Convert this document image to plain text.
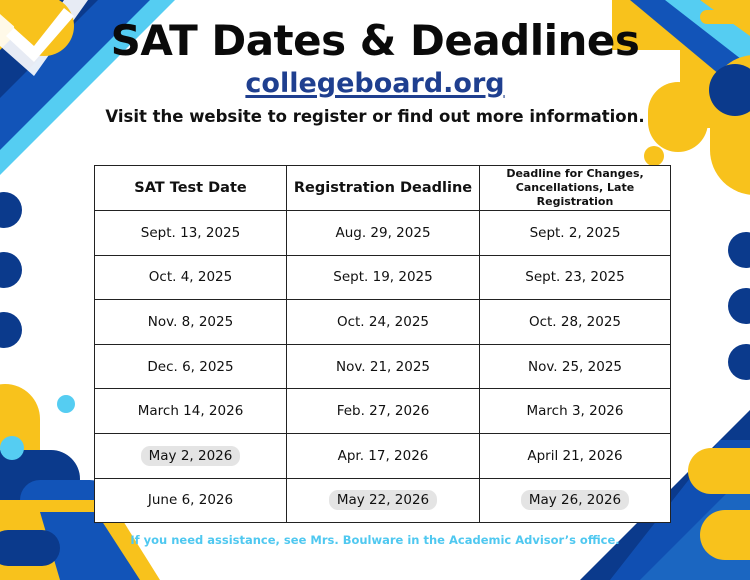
SAT Dates & Deadlines
collegeboard.org
Visit the website to register or find out more information.
SAT Test Date	Registration Deadline	Deadline for Changes,
Cancellations, Late Registration
Sept. 13, 2025	Aug. 29, 2025	Sept. 2, 2025
Oct. 4, 2025	Sept. 19, 2025	Sept. 23, 2025
Nov. 8, 2025	Oct. 24, 2025	Oct. 28, 2025
Dec. 6, 2025	Nov. 21, 2025	Nov. 25, 2025
March 14, 2026	Feb. 27, 2026	March 3, 2026
May 2, 2026	Apr. 17, 2026	April 21, 2026
June 6, 2026	May 22, 2026	May 26, 2026
If you need assistance, see Mrs. Boulware in the Academic Advisor’s office.
